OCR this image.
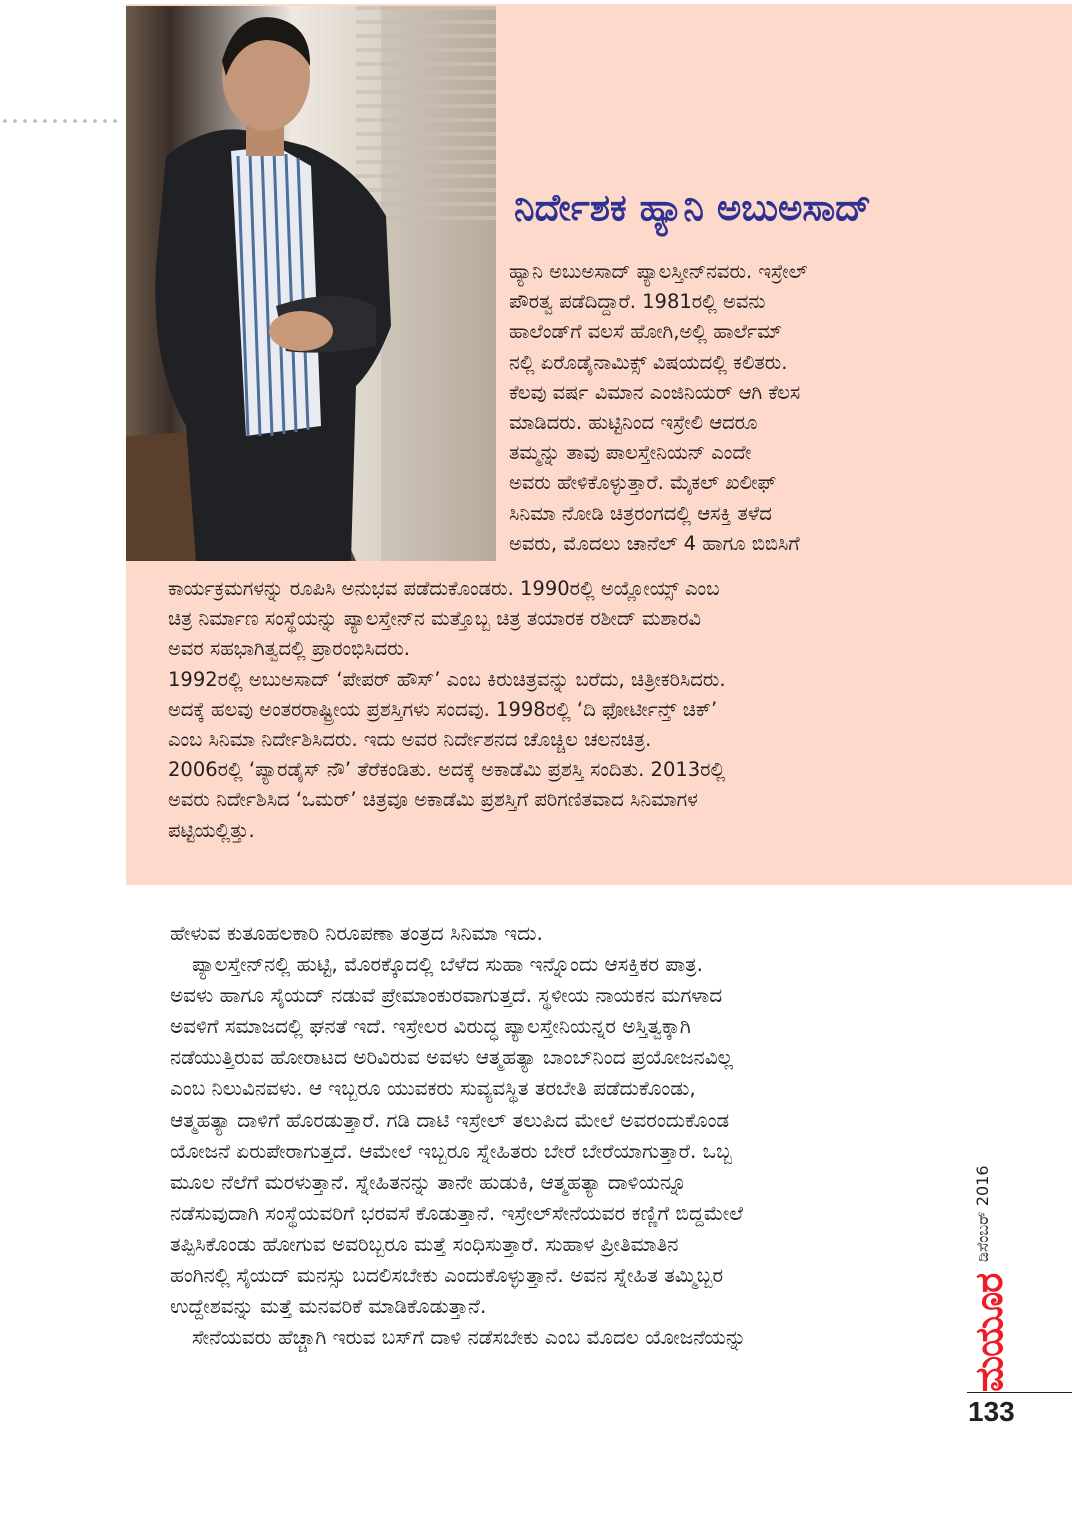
ನಿರ್ದೇಶಕ ಹ್ಯಾನಿ ಅಬುಅಸಾದ್
ಹ್ಯಾನಿ ಅಬುಅಸಾದ್ ಪ್ಯಾಲಸ್ತೀನ್‌ನವರು. ಇಸ್ರೇಲ್
ಪೌರತ್ವ ಪಡೆದಿದ್ದಾರೆ. 1981ರಲ್ಲಿ ಅವನು
ಹಾಲೆಂಡ್‌ಗೆ ವಲಸೆ ಹೋಗಿ,ಅಲ್ಲಿ ಹಾರ್ಲೆಮ್
ನಲ್ಲಿ ಏರೊಡೈನಾಮಿಕ್ಸ್ ವಿಷಯದಲ್ಲಿ ಕಲಿತರು.
ಕೆಲವು ವರ್ಷ ವಿಮಾನ ಎಂಜಿನಿಯರ್ ಆಗಿ ಕೆಲಸ
ಮಾಡಿದರು. ಹುಟ್ಟಿನಿಂದ ಇಸ್ರೇಲಿ ಆದರೂ
ತಮ್ಮನ್ನು ತಾವು ಪಾಲಸ್ತೇನಿಯನ್ ಎಂದೇ
ಅವರು ಹೇಳಿಕೊಳ್ಳುತ್ತಾರೆ. ಮೈಕಲ್ ಖಲೀಫ್
ಸಿನಿಮಾ ನೋಡಿ ಚಿತ್ರರಂಗದಲ್ಲಿ ಆಸಕ್ತಿ ತಳೆದ
ಅವರು, ಮೊದಲು ಚಾನೆಲ್ 4 ಹಾಗೂ ಬಿಬಿಸಿಗೆ
ಕಾರ್ಯಕ್ರಮಗಳನ್ನು ರೂಪಿಸಿ ಅನುಭವ ಪಡೆದುಕೊಂಡರು. 1990ರಲ್ಲಿ ಅಯ್ಲೋಯ್ಸ್ ಎಂಬ
ಚಿತ್ರ ನಿರ್ಮಾಣ ಸಂಸ್ಥೆಯನ್ನು ಪ್ಯಾಲಸ್ತೇನ್‌ನ ಮತ್ತೊಬ್ಬ ಚಿತ್ರ ತಯಾರಕ ರಶೀದ್ ಮಶಾರವಿ
ಅವರ ಸಹಭಾಗಿತ್ವದಲ್ಲಿ ಪ್ರಾರಂಭಿಸಿದರು.
1992ರಲ್ಲಿ ಅಬುಅಸಾದ್ ‘ಪೇಪರ್ ಹೌಸ್’ ಎಂಬ ಕಿರುಚಿತ್ರವನ್ನು ಬರೆದು, ಚಿತ್ರೀಕರಿಸಿದರು.
ಅದಕ್ಕೆ ಹಲವು ಅಂತರರಾಷ್ಟ್ರೀಯ ಪ್ರಶಸ್ತಿಗಳು ಸಂದವು. 1998ರಲ್ಲಿ ‘ದಿ ಫೋರ್ಟೀನ್ತ್ ಚಿಕ್’
ಎಂಬ ಸಿನಿಮಾ ನಿರ್ದೇಶಿಸಿದರು. ಇದು ಅವರ ನಿರ್ದೇಶನದ ಚೊಚ್ಚಿಲ ಚಲನಚಿತ್ರ.
2006ರಲ್ಲಿ ‘ಪ್ಯಾರಡೈಸ್ ನೌ’ ತೆರೆಕಂಡಿತು. ಅದಕ್ಕೆ ಅಕಾಡೆಮಿ ಪ್ರಶಸ್ತಿ ಸಂದಿತು. 2013ರಲ್ಲಿ
ಅವರು ನಿರ್ದೇಶಿಸಿದ ‘ಒಮರ್’ ಚಿತ್ರವೂ ಅಕಾಡೆಮಿ ಪ್ರಶಸ್ತಿಗೆ ಪರಿಗಣಿತವಾದ ಸಿನಿಮಾಗಳ
ಪಟ್ಟಿಯಲ್ಲಿತ್ತು.
ಹೇಳುವ ಕುತೂಹಲಕಾರಿ ನಿರೂಪಣಾ ತಂತ್ರದ ಸಿನಿಮಾ ಇದು.
ಪ್ಯಾಲಸ್ತೇನ್‌ನಲ್ಲಿ ಹುಟ್ಟಿ, ಮೊರಕ್ಕೊದಲ್ಲಿ ಬೆಳೆದ ಸುಹಾ ಇನ್ನೊಂದು ಆಸಕ್ತಿಕರ ಪಾತ್ರ.
ಅವಳು ಹಾಗೂ ಸೈಯದ್ ನಡುವೆ ಪ್ರೇಮಾಂಕುರವಾಗುತ್ತದೆ. ಸ್ಥಳೀಯ ನಾಯಕನ ಮಗಳಾದ
ಅವಳಿಗೆ ಸಮಾಜದಲ್ಲಿ ಘನತೆ ಇದೆ. ಇಸ್ರೇಲರ ವಿರುದ್ಧ ಪ್ಯಾಲಸ್ತೇನಿಯನ್ನರ ಅಸ್ತಿತ್ವಕ್ಕಾಗಿ
ನಡೆಯುತ್ತಿರುವ ಹೋರಾಟದ ಅರಿವಿರುವ ಅವಳು ಆತ್ಮಹತ್ಯಾ ಬಾಂಬ್‌ನಿಂದ ಪ್ರಯೋಜನವಿಲ್ಲ
ಎಂಬ ನಿಲುವಿನವಳು. ಆ ಇಬ್ಬರೂ ಯುವಕರು ಸುವ್ಯವಸ್ಥಿತ ತರಬೇತಿ ಪಡೆದುಕೊಂಡು,
ಆತ್ಮಹತ್ಯಾ ದಾಳಿಗೆ ಹೊರಡುತ್ತಾರೆ. ಗಡಿ ದಾಟಿ ಇಸ್ರೇಲ್ ತಲುಪಿದ ಮೇಲೆ ಅವರಂದುಕೊಂಡ
ಯೋಜನೆ ಏರುಪೇರಾಗುತ್ತದೆ. ಆಮೇಲೆ ಇಬ್ಬರೂ ಸ್ನೇಹಿತರು ಬೇರೆ ಬೇರೆಯಾಗುತ್ತಾರೆ. ಒಬ್ಬ
ಮೂಲ ನೆಲೆಗೆ ಮರಳುತ್ತಾನೆ. ಸ್ನೇಹಿತನನ್ನು ತಾನೇ ಹುಡುಕಿ, ಆತ್ಮಹತ್ಯಾ ದಾಳಿಯನ್ನೂ
ನಡೆಸುವುದಾಗಿ ಸಂಸ್ಥೆಯವರಿಗೆ ಭರವಸೆ ಕೊಡುತ್ತಾನೆ. ಇಸ್ರೇಲ್‌ಸೇನೆಯವರ ಕಣ್ಣಿಗೆ ಬಿದ್ದಮೇಲೆ
ತಪ್ಪಿಸಿಕೊಂಡು ಹೋಗುವ ಅವರಿಬ್ಬರೂ ಮತ್ತೆ ಸಂಧಿಸುತ್ತಾರೆ. ಸುಹಾಳ ಪ್ರೀತಿಮಾತಿನ
ಹಂಗಿನಲ್ಲಿ ಸೈಯದ್ ಮನಸ್ಸು ಬದಲಿಸಬೇಕು ಎಂದುಕೊಳ್ಳುತ್ತಾನೆ. ಅವನ ಸ್ನೇಹಿತ ತಮ್ಮಿಬ್ಬರ
ಉದ್ದೇಶವನ್ನು ಮತ್ತೆ ಮನವರಿಕೆ ಮಾಡಿಕೊಡುತ್ತಾನೆ.
ಸೇನೆಯವರು ಹೆಚ್ಚಾಗಿ ಇರುವ ಬಸ್‌ಗೆ ದಾಳಿ ನಡೆಸಬೇಕು ಎಂಬ ಮೊದಲ ಯೋಜನೆಯನ್ನು
ಡಿಸೆಂಬರ್ 2016
ಮಯೂರ
133
